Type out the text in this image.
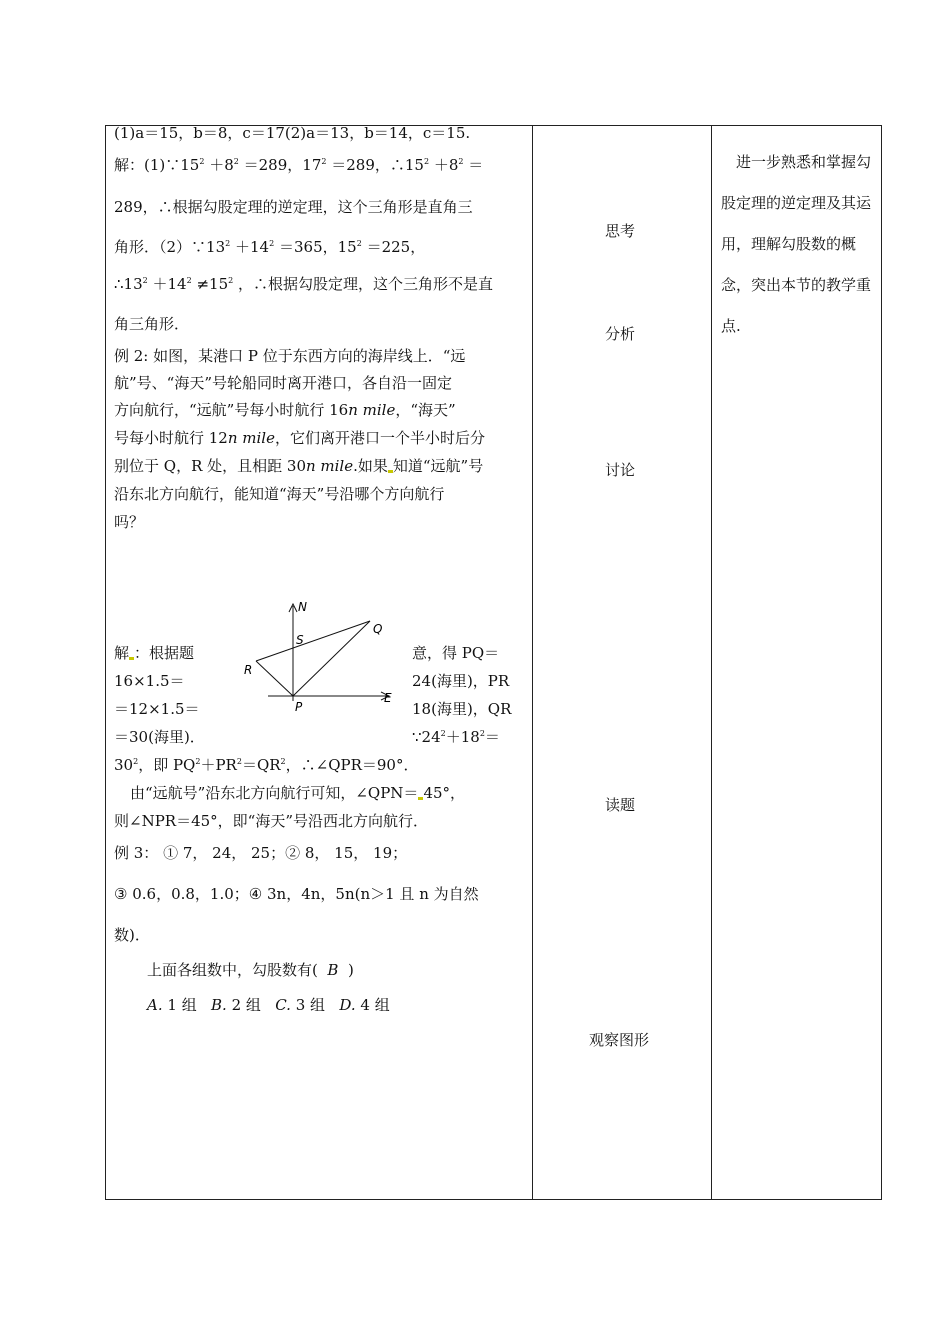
(1)a＝15，b＝8，c＝17(2)a＝13，b＝14，c＝15.
解：$(1)\because 15^2 +8^2 =289$，$17^2 =289$，$\therefore 15^2 +8^2$ ＝
289，∴根据勾股定理的逆定理，这个三角形是直角三
角形．$(2)\because 13^2 +14^2 =365$，$15^2 =225$，
$\therefore 13^2 +14^2 \ne 15^2$ ，∴根据勾股定理，这个三角形不是直
角三角形．
例 2: 如图，某港口 P 位于东西方向的海岸线上．“远
航”号、“海天”号轮船同时离开港口，各自沿一固定
方向航行，“远航”号每小时航行 16n mile，“海天”
号每小时航行 12n mile，它们离开港口一个半小时后分
别位于 Q，R 处，且相距 30n mile.如果 知道“远航”号
沿东北方向航行，能知道“海天”号沿哪个方向航行
吗？
N
S
Q
R
P
E
解 ：根据题	意，得 PQ＝
16×1.5＝	24(海里)，PR
＝12×1.5＝	18(海里)，QR
＝30(海里)．	$\because 24^2+18^2=$
$30^2$，即 $PQ^2+PR^2=QR^2$，∴∠QPR＝90°．
由“远航号”沿东北方向航行可知，∠QPN＝ 45°，
则∠NPR＝45°，即“海天”号沿西北方向航行．
例 3： ① 7， 24， 25；② 8， 15， 19；
③ 0.6，0.8，1.0；④ 3n，4n，5n(n＞1 且 n 为自然
数)．
上面各组数中，勾股数有( B )
A. 1 组 B. 2 组 C. 3 组 D. 4 组
思考
分析
讨论
读题
观察图形
进一步熟悉和掌握勾股定理的逆定理及其运用，理解勾股数的概念，突出本节的教学重点.
